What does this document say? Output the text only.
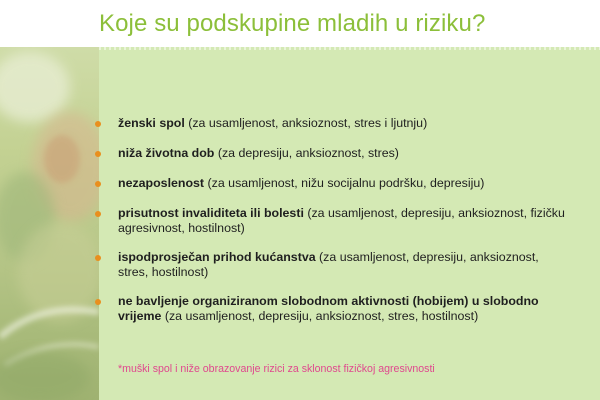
Koje su podskupine mladih u riziku?
ženski spol (za usamljenost, anksioznost, stres i ljutnju)
niža životna dob (za depresiju, anksioznost, stres)
nezaposlenost (za usamljenost, nižu socijalnu podršku, depresiju)
prisutnost invaliditeta ili bolesti (za usamljenost, depresiju, anksioznost, fizičku agresivnost, hostilnost)
ispodprosječan prihod kućanstva (za usamljenost, depresiju, anksioznost, stres, hostilnost)
ne bavljenje organiziranom slobodnom aktivnosti (hobijem) u slobodno vrijeme (za usamljenost, depresiju, anksioznost, stres, hostilnost)
*muški spol i niže obrazovanje rizici za sklonost fizičkoj agresivnosti
